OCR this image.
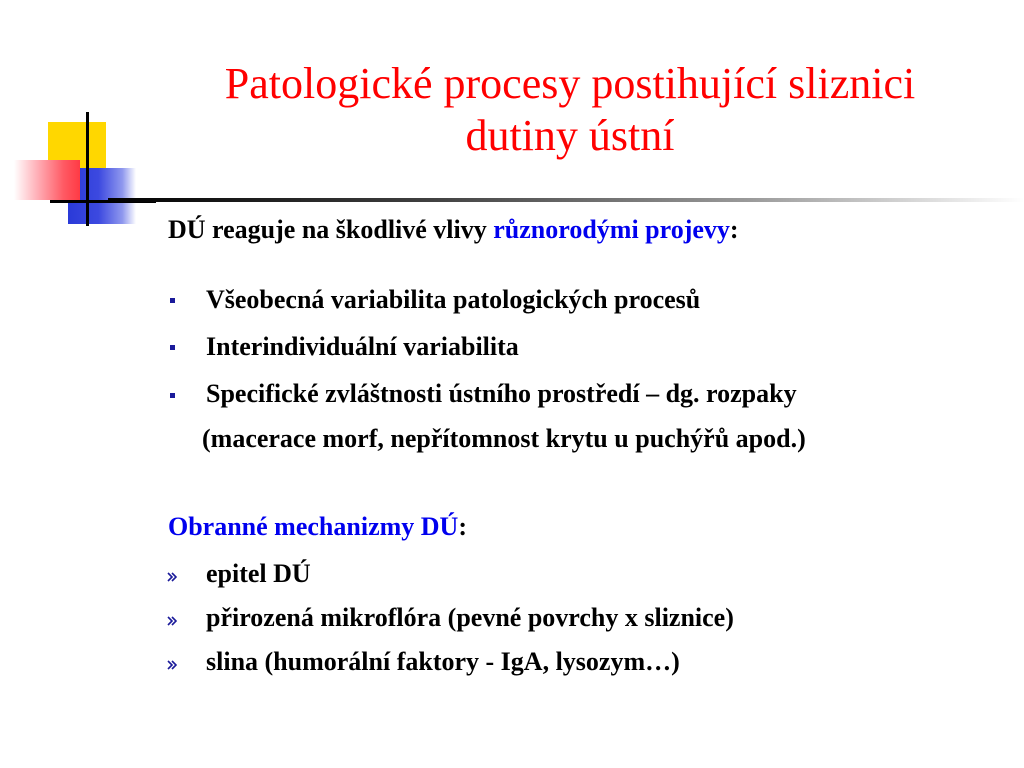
Patologické procesy postihující sliznici
dutiny ústní
DÚ reaguje na škodlivé vlivy různorodými projevy:
Všeobecná variabilita patologických procesů
Interindividuální variabilita
Specifické zvláštnosti ústního prostředí – dg. rozpaky
(macerace morf, nepřítomnost krytu u puchýřů apod.)
Obranné mechanizmy DÚ:
epitel DÚ
přirozená mikroflóra (pevné povrchy x sliznice)
slina (humorální faktory - IgA, lysozym…)
